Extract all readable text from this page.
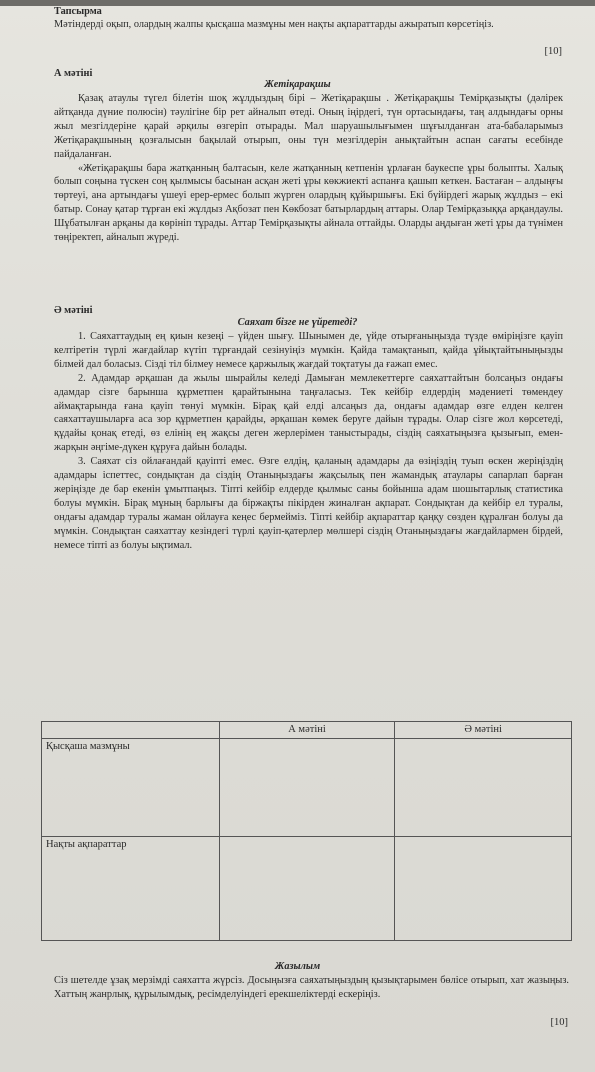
Тапсырма
Мәтіндерді оқып, олардың жалпы қысқаша мазмұны мен нақты ақпараттарды ажыратып көрсетіңіз.
[10]
А мәтіні
Жетіқарақшы

Қазақ атаулы түгел білетін шоқ жұлдыздың бірі – Жетіқарақшы . Жетіқарақшы Темірқазықты (дәлірек айтқанда дүние полюсін) тәулігіне бір рет айналып өтеді. Оның іңірдегі, түн ортасындағы, таң алдындағы орны жыл мезгілдеріне қарай әрқилы өзгеріп отырады. Мал шаруашылығымен шұғылданған ата-бабаларымыз Жетіқарақшының қозғалысын бақылай отырып, оны түн мезгілдерін анықтайтын аспан сағаты есебінде пайдаланған.

«Жетіқарақшы бара жатқанның балтасын, келе жатқанның кетпенін ұрлаған баукеспе ұры болыпты. Халық болып соңына түскен соң қылмысы басынан асқан жеті ұры көкжиекті аспанға қашып кеткен. Бастаған – алдыңғы төртеуі, ана артындағы үшеуі ерер-ермес болып жүрген олардың құйыршығы. Екі бүйірдегі жарық жұлдыз – екі батыр. Сонау қатар тұрған екі жұлдыз Ақбозат пен Көкбозат батырлардың аттары. Олар Темірқазыққа арқандаулы. Шұбатылған арқаны да көрініп тұрады. Аттар Темірқазықты айнала оттайды. Оларды аңдыған жеті ұры да түнімен төңіректеп, айналып жүреді.

Ә мәтіні
Саяхат бізге не үйретеді?

1. Саяхаттаудың ең қиын кезеңі – үйден шығу. Шынымен де, үйде отырғаныңызда түзде өміріңізге қауіп келтіретін түрлі жағдайлар күтіп тұрғандай сезінуіңіз мүмкін. Қайда тамақтанып, қайда ұйықтайтыныңызды білмей дал боласыз. Сізді тіл білмеу немесе қаржылық жағдай тоқтатуы да ғажап емес.

2. Адамдар әрқашан да жылы шырайлы келеді Дамыған мемлекеттерге саяхаттайтын болсаңыз ондағы адамдар сізге барынша құрметпен қарайтынына таңғаласыз. Тек кейбір елдердің мәдениеті төмендеу аймақтарында ғана қауіп төнуі мүмкін. Бірақ қай елді алсаңыз да, ондағы адамдар өзге елден келген саяхаттаушыларға аса зор құрметпен қарайды, әрқашан көмек беруге дайын тұрады. Олар сізге жол көрсетеді, құдайы қонақ етеді, өз елінің ең жақсы деген жерлерімен таныстырады, сіздің саяхатыңызға қызығып, емен-жарқын әңгіме-дүкен құруға дайын болады.

3. Саяхат сіз ойлағандай қауіпті емес. Өзге елдің, қаланың адамдары да өзіңіздің туып өскен жеріңіздің адамдары іспеттес, сондықтан да сіздің Отаныңыздағы жақсылық пен жамандық атаулары сапарлап барған жеріңізде де бар екенін ұмытпаңыз. Тіпті кейбір елдерде қылмыс саны бойынша адам шошытарлық статистика болуы мүмкін. Бірақ мұның барлығы да біржақты пікірден жиналған ақпарат. Сондықтан да кейбір ел туралы, ондағы адамдар туралы жаман ойлауға кеңес бермейміз. Тіпті кейбір ақпараттар қаңқу сөзден құралған болуы да мүмкін. Сондықтан саяхаттау кезіндегі түрлі қауіп-қатерлер мөлшері сіздің Отаныңыздағы жағдайлармен бірдей, немесе тіпті аз болуы ықтимал.

	А мәтіні	Ә мәтіні
Қысқаша мазмұны		
Нақты ақпараттар		
Жазылым
Сіз шетелде ұзақ мерзімді саяхатта жүрсіз. Досыңызға саяхатыңыздың қызықтарымен бөлісе отырып, хат жазыңыз. Хаттың жанрлық, құрылымдық, ресімделуіндегі ерекшеліктерді ескеріңіз.
[10]
